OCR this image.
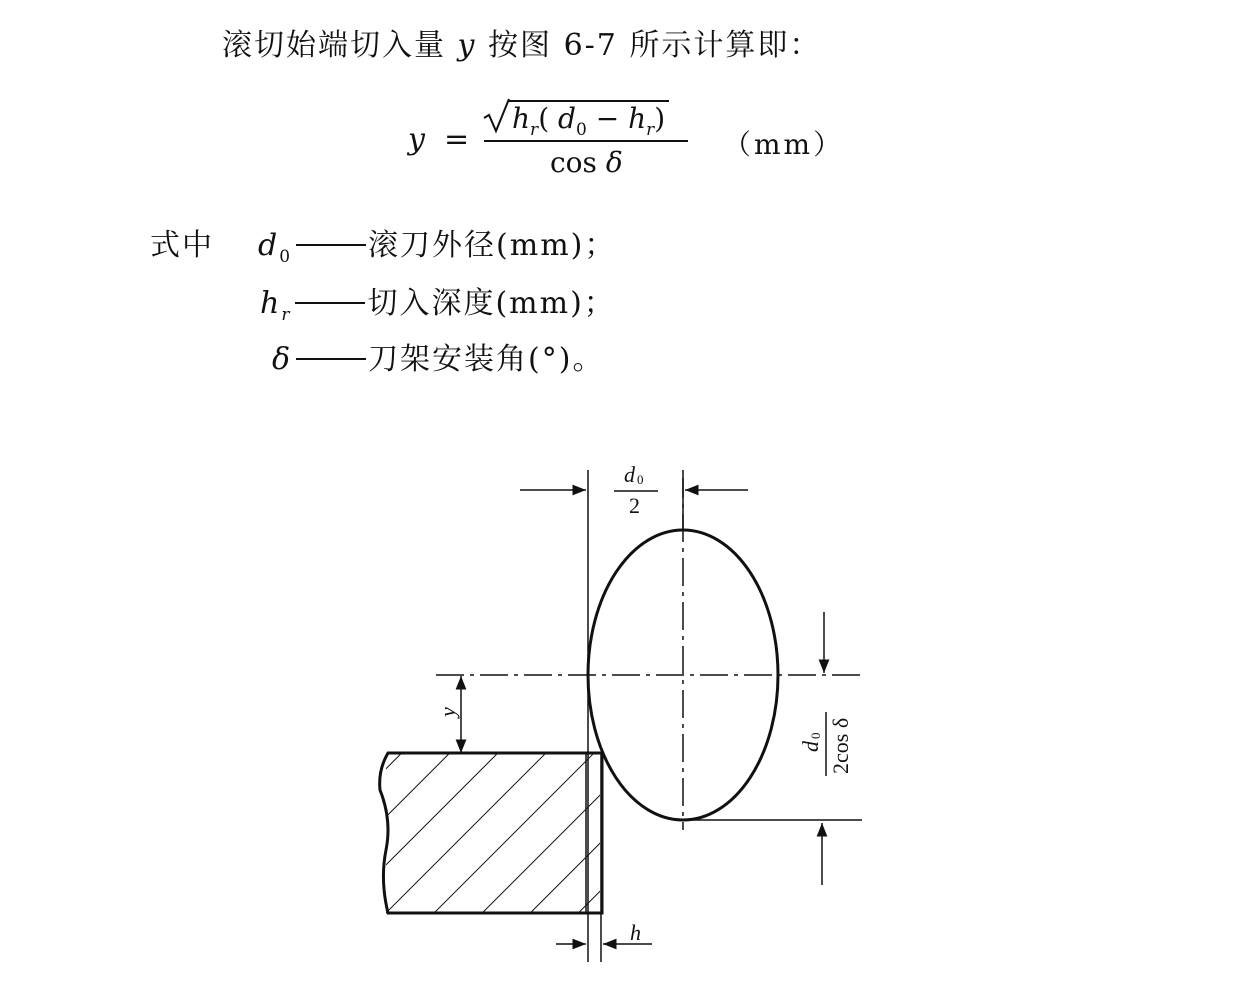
滚切始端切入量 y 按图 6-7 所示计算即：
y =
$h_r$( $d_0 - h_r$)
cos δ
（mm）
式中 $d_0$	滚刀外径(mm)；
$h_r$	切入深度(mm)；
δ	刀架安装角(°)。
d 0
2
d
0 2cos δ
y
h
